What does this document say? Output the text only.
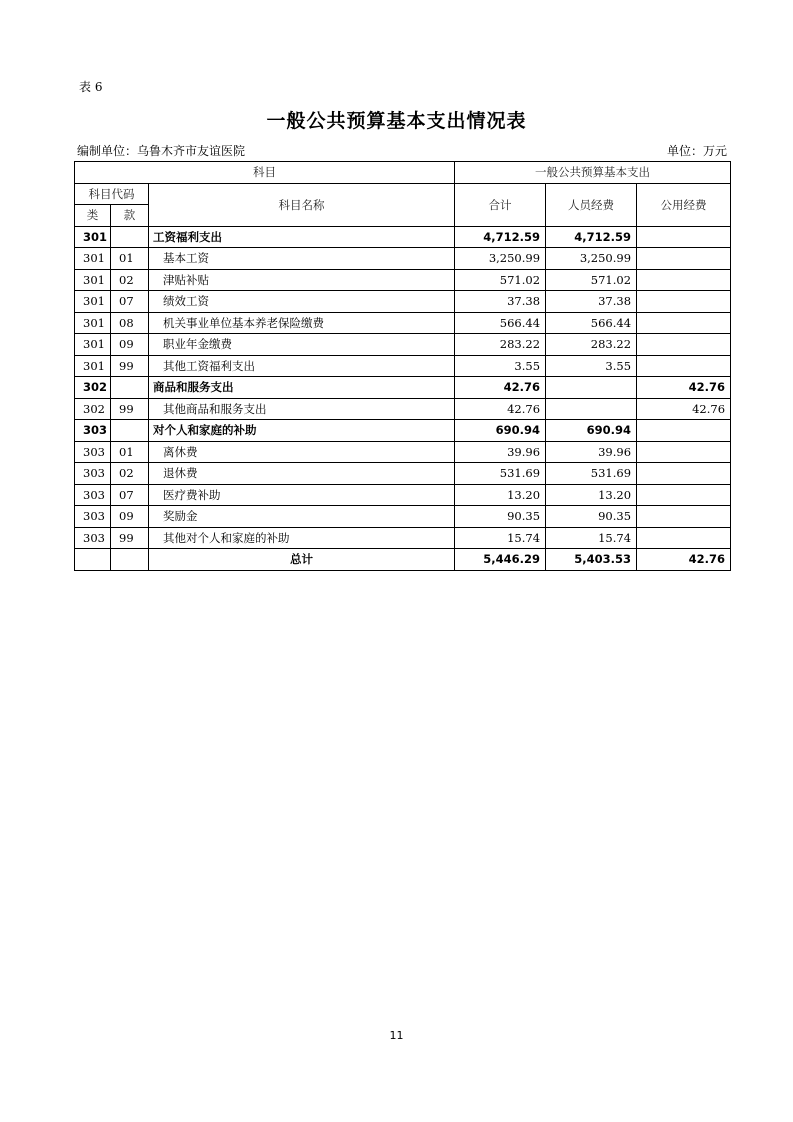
表 6
一般公共预算基本支出情况表
编制单位：乌鲁木齐市友谊医院	单位：万元
科目			一般公共预算基本支出		
科目代码		科目名称	合计	人员经费	公用经费
类	款				
301		工资福利支出	4,712.59	4,712.59	
301	01	基本工资	3,250.99	3,250.99	
301	02	津贴补贴	571.02	571.02	
301	07	绩效工资	37.38	37.38	
301	08	机关事业单位基本养老保险缴费	566.44	566.44	
301	09	职业年金缴费	283.22	283.22	
301	99	其他工资福利支出	3.55	3.55	
302		商品和服务支出	42.76		42.76
302	99	其他商品和服务支出	42.76		42.76
303		对个人和家庭的补助	690.94	690.94	
303	01	离休费	39.96	39.96	
303	02	退休费	531.69	531.69	
303	07	医疗费补助	13.20	13.20	
303	09	奖励金	90.35	90.35	
303	99	其他对个人和家庭的补助	15.74	15.74	
		总计	5,446.29	5,403.53	42.76
11
